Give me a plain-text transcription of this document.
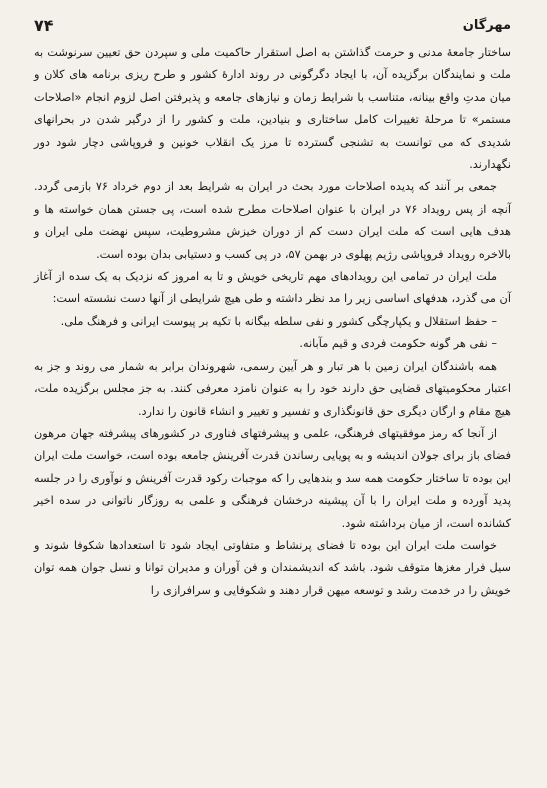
۷۴	مهرگان

ساختار جامعهٔ مدنی و حرمت گذاشتن به اصل استقرار حاکمیت ملی و سپردن حق تعیین سرنوشت به ملت و نمایندگان برگزیده آن، با ایجاد دگرگونی در روند ادارهٔ کشور و طرح ریزی برنامه های کلان و میان مدتِ واقع بینانه، متناسب با شرایط زمان و نیازهای جامعه و پذیرفتن اصل لزوم انجام «اصلاحات مستمر» تا مرحلهٔ تغییرات کامل ساختاری و بنیادین، ملت و کشور را از درگیر شدن در بحرانهای شدیدی که می توانست به تشنجی گسترده تا مرز یک انقلاب خونین و فروپاشی دچار شود دور نگهدارند.

جمعی بر آنند که پدیده اصلاحات مورد بحث در ایران به شرایط بعد از دوم خرداد ۷۶ بازمی گردد. آنچه از پس رویداد ۷۶ در ایران با عنوان اصلاحات مطرح شده است، پی جستن همان خواسته ها و هدف هایی است که ملت ایران دست کم از دوران خیزش مشروطیت، سپس نهضت ملی ایران و بالاخره رویداد فروپاشی رژیم پهلوی در بهمن ۵۷، در پی کسب و دستیابی بدان بوده است.

ملت ایران در تمامی این رویدادهای مهم تاریخی خویش و تا به امروز که نزدیک به یک سده از آغاز آن می گذرد، هدفهای اساسی زیر را مد نظر داشته و طی هیچ شرایطی از آنها دست نشسته است:

– حفظ استقلال و یکپارچگی کشور و نفی سلطه بیگانه با تکیه بر پیوست ایرانی و فرهنگ ملی.

– نفی هر گونه حکومت فردی و قیم مآبانه.

همه باشندگان ایران زمین با هر تبار و هر آیین رسمی، شهروندان برابر به شمار می روند و جز به اعتبار محکومیتهای قضایی حق دارند خود را به عنوان نامزد معرفی کنند. به جز مجلس برگزیده ملت، هیچ مقام و ارگان دیگری حق قانونگذاری و تفسیر و تغییر و انشاء قانون را ندارد.

از آنجا که رمز موفقیتهای فرهنگی، علمی و پیشرفتهای فناوری در کشورهای پیشرفته جهان مرهون فضای باز برای جولان اندیشه و به پویایی رساندن قدرت آفرینش جامعه بوده است، خواست ملت ایران این بوده تا ساختار حکومت همه سد و بندهایی را که موجبات رکود قدرت آفرینش و نوآوری را در جلسه پدید آورده و ملت ایران را با آن پیشینه درخشان فرهنگی و علمی به روزگار ناتوانی در سده اخیر کشانده است، از میان برداشته شود.

خواست ملت ایران این بوده تا فضای پرنشاط و متفاوتی ایجاد شود تا استعدادها شکوفا شوند و سیل فرار مغزها متوقف شود. باشد که اندیشمندان و فن آوران و مدیران توانا و نسل جوان همه توان خویش را در خدمت رشد و توسعه میهن قرار دهند و شکوفایی و سرافرازی را
